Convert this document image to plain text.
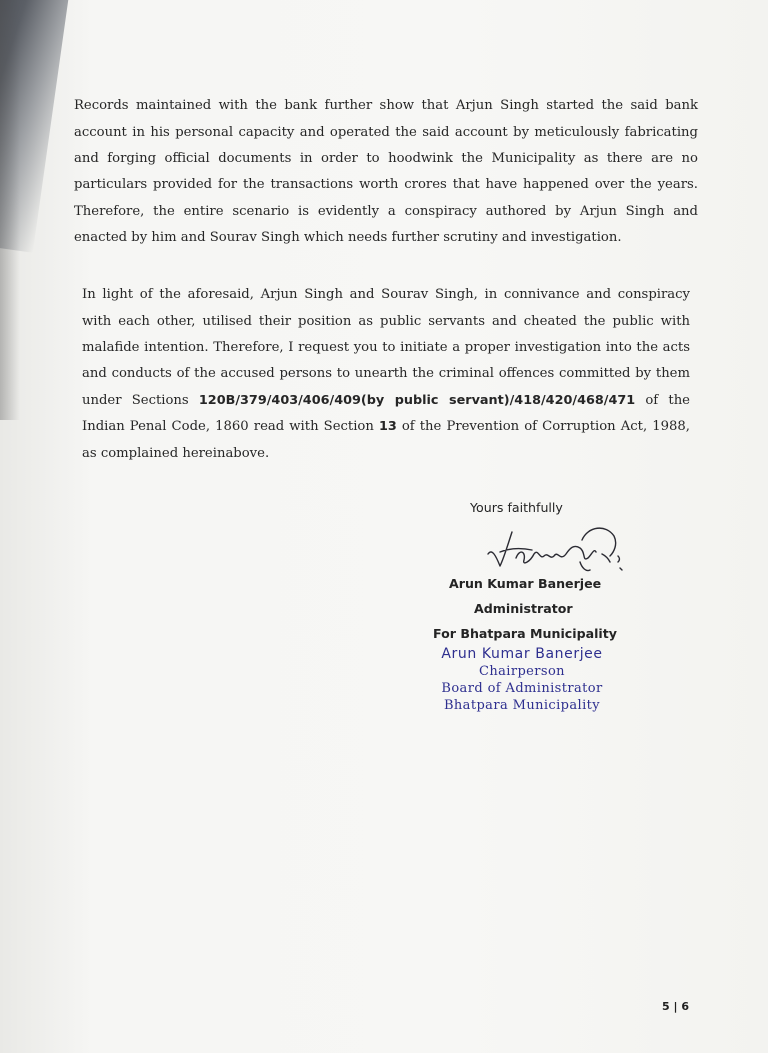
Records maintained with the bank further show that Arjun Singh started the said bank account in his personal capacity and operated the said account by meticulously fabricating and forging official documents in order to hoodwink the Municipality as there are no particulars provided for the transactions worth crores that have happened over the years. Therefore, the entire scenario is evidently a conspiracy authored by Arjun Singh and enacted by him and Sourav Singh which needs further scrutiny and investigation.

In light of the aforesaid, Arjun Singh and Sourav Singh, in connivance and conspiracy with each other, utilised their position as public servants and cheated the public with malafide intention. Therefore, I request you to initiate a proper investigation into the acts and conducts of the accused persons to unearth the criminal offences committed by them under Sections 120B/379/403/406/409(by public servant)/418/420/468/471 of the Indian Penal Code, 1860 read with Section 13 of the Prevention of Corruption Act, 1988, as complained hereinabove.

Yours faithfully
Arun Kumar Banerjee
Administrator
For Bhatpara Municipality
Arun Kumar Banerjee
Chairperson
Board of Administrator
Bhatpara Municipality
5 | 6
